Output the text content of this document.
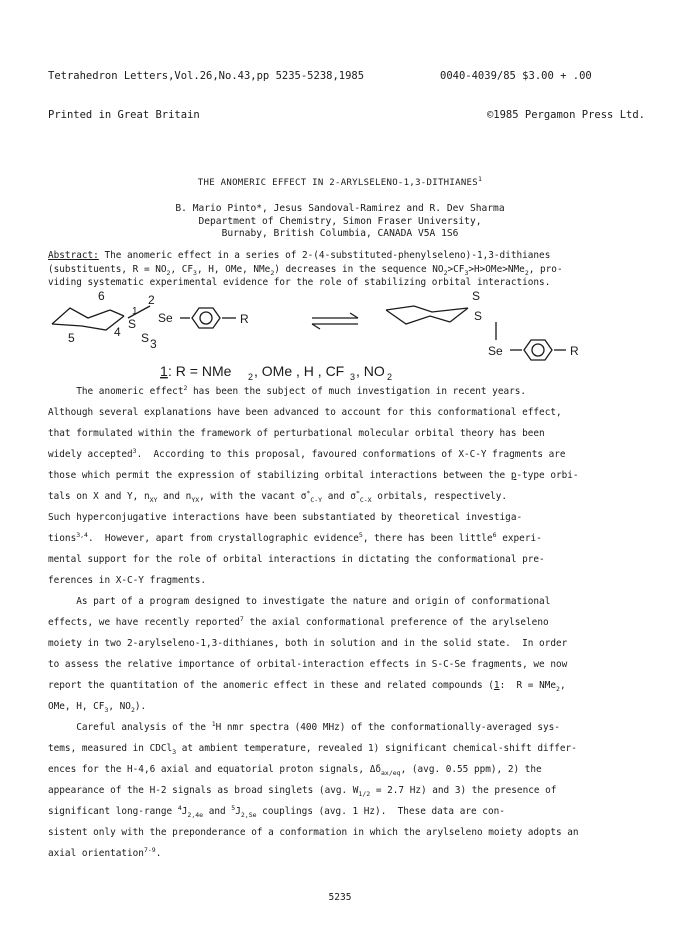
Tetrahedron Letters,Vol.26,No.43,pp 5235-5238,1985

Printed in Great Britain

0040-4039/85 $3.00 + .00

©1985 Pergamon Press Ltd.

THE ANOMERIC EFFECT IN 2-ARYLSELENO-1,3-DITHIANES$^1$
B. Mario Pinto*, Jesus Sandoval-Ramirez and R. Dev Sharma
Department of Chemistry, Simon Fraser University,
Burnaby, British Columbia, CANADA V5A 1S6
Abstract: The anomeric effect in a series of 2-(4-substituted-phenylseleno)-1,3-dithianes
(substituents, $R = NO_2$, $CF_3$, H, OMe, NMe$_2$) decreases in the sequence $NO_2>CF_3>H>OMe>NMe_2$, pro-
viding systematic experimental evidence for the role of stabilizing orbital interactions.
6
1
2
5	4
3
S
S
Se	R
S
S
Se	R
1 : R = NMe 2 , OMe , H , CF 3 , NO 2
The anomeric effect$^2$ has been the subject of much investigation in recent years.
Although several explanations have been advanced to account for this conformational effect,
that formulated within the framework of perturbational molecular orbital theory has been
widely accepted$^3$.  According to this proposal, favoured conformations of X-C-Y fragments are
those which permit the expression of stabilizing orbital interactions between the p-type orbi-
tals on X and Y, $n_{XY}$ and $n_{YX}$, with the vacant $\sigma^*_{C-Y}$ and $\sigma^*_{C-X}$ orbitals, respectively.
Such hyperconjugative interactions have been substantiated by theoretical investiga-
tions$^{3,4}$.  However, apart from crystallographic evidence$^5$, there has been little$^6$ experi-
mental support for the role of orbital interactions in dictating the conformational pre-
ferences in X-C-Y fragments.
As part of a program designed to investigate the nature and origin of conformational
effects, we have recently reported$^7$ the axial conformational preference of the arylseleno
moiety in two 2-arylseleno-1,3-dithianes, both in solution and in the solid state.  In order
to assess the relative importance of orbital-interaction effects in S-C-Se fragments, we now
report the quantitation of the anomeric effect in these and related compounds (1:  R = NMe$_2$,
OMe, H, $CF_3$, $NO_2$).
Careful analysis of the $^1$H nmr spectra (400 MHz) of the conformationally-averaged sys-
tems, measured in CDCl$_3$ at ambient temperature, revealed 1) significant chemical-shift differ-
ences for the H-4,6 axial and equatorial proton signals, $\Delta\delta_{ax/eq}$, (avg. 0.55 ppm), 2) the
appearance of the H-2 signals as broad singlets (avg. $W_{1/2} = 2.7$ Hz) and 3) the presence of
significant long-range $^4J_{2,4e}$ and $^5J_{2,Se}$ couplings (avg. 1 Hz).  These data are con-
sistent only with the preponderance of a conformation in which the arylseleno moiety adopts an
axial orientation$^{7-9}$.
5235
